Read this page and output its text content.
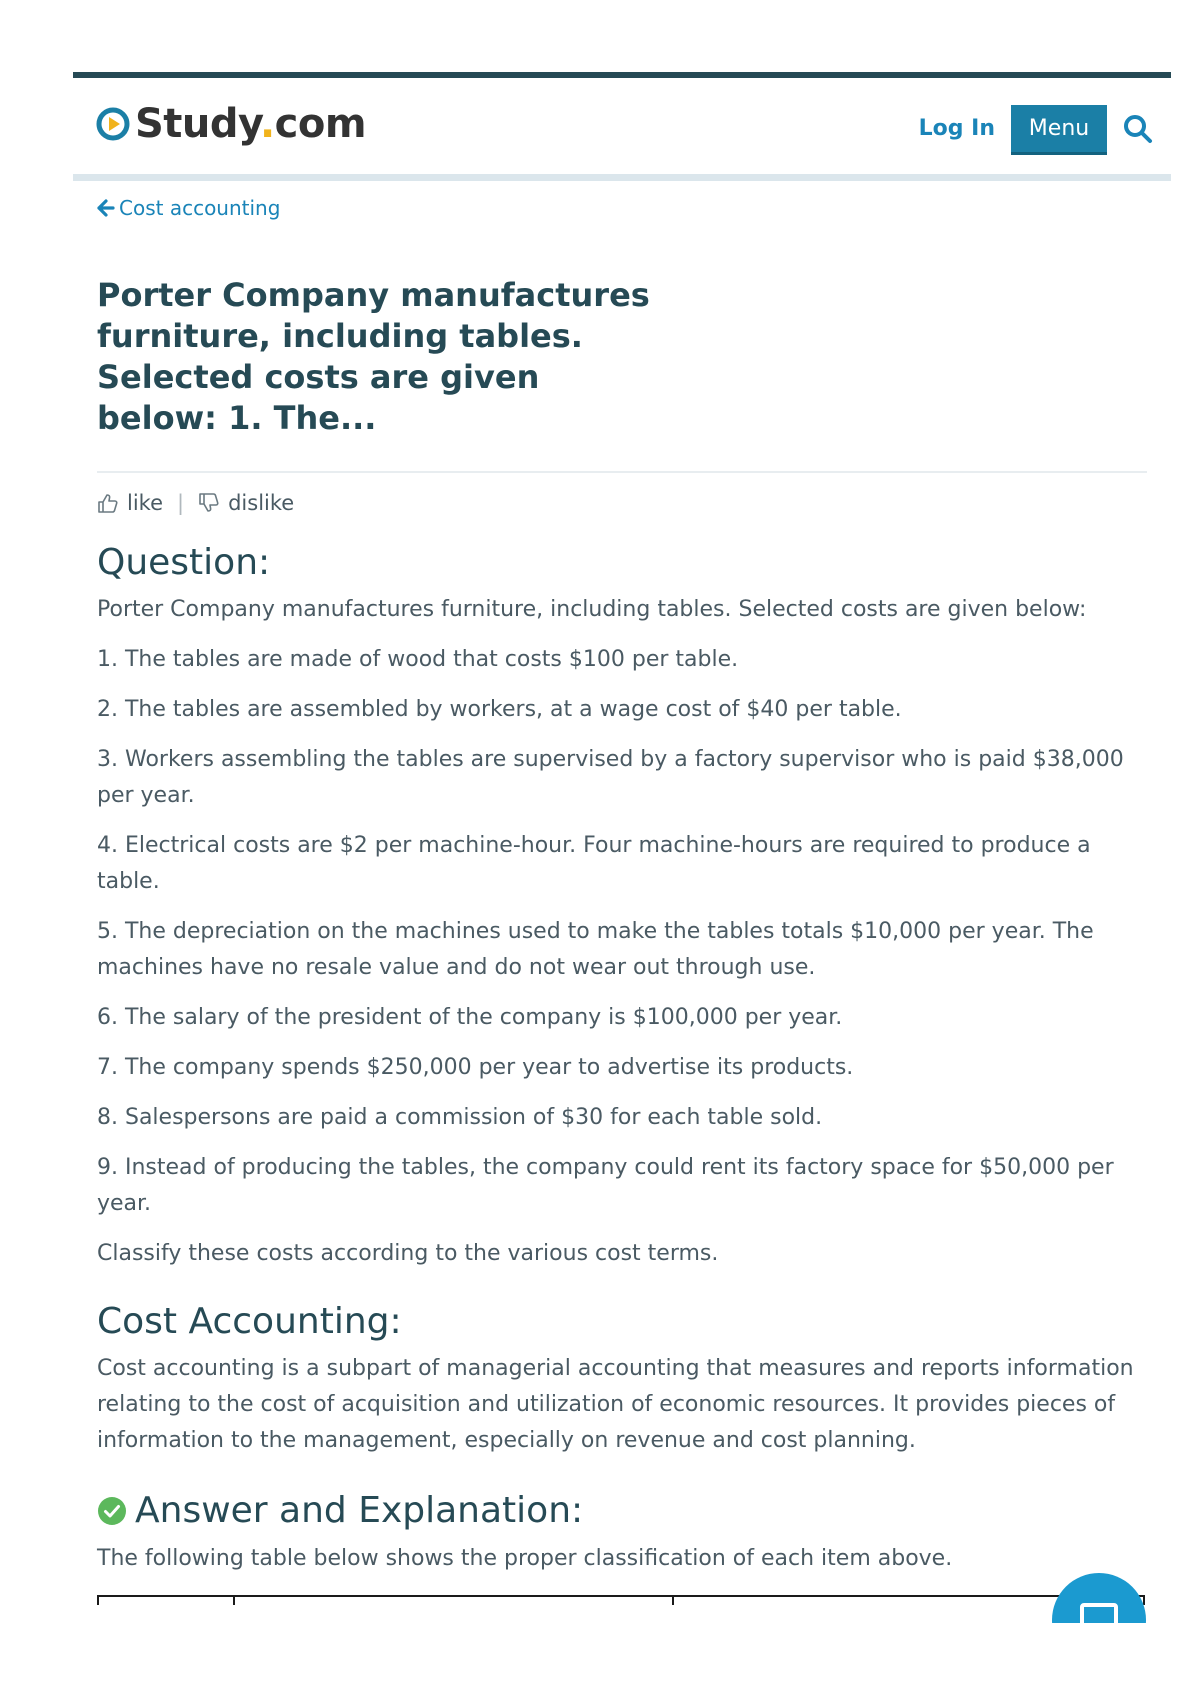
Study.com	Log In	Menu
Cost accounting
Porter Company manufactures furniture, including tables. Selected costs are given below: 1. The...
like | dislike
Question:

Porter Company manufactures furniture, including tables. Selected costs are given below:

1. The tables are made of wood that costs $100 per table.

2. The tables are assembled by workers, at a wage cost of $40 per table.

3. Workers assembling the tables are supervised by a factory supervisor who is paid $38,000 per year.

4. Electrical costs are $2 per machine-hour. Four machine-hours are required to produce a table.

5. The depreciation on the machines used to make the tables totals $10,000 per year. The machines have no resale value and do not wear out through use.

6. The salary of the president of the company is $100,000 per year.

7. The company spends $250,000 per year to advertise its products.

8. Salespersons are paid a commission of $30 for each table sold.

9. Instead of producing the tables, the company could rent its factory space for $50,000 per year.

Classify these costs according to the various cost terms.

Cost Accounting:

Cost accounting is a subpart of managerial accounting that measures and reports information relating to the cost of acquisition and utilization of economic resources. It provides pieces of information to the management, especially on revenue and cost planning.

Answer and Explanation:

The following table below shows the proper classification of each item above.
